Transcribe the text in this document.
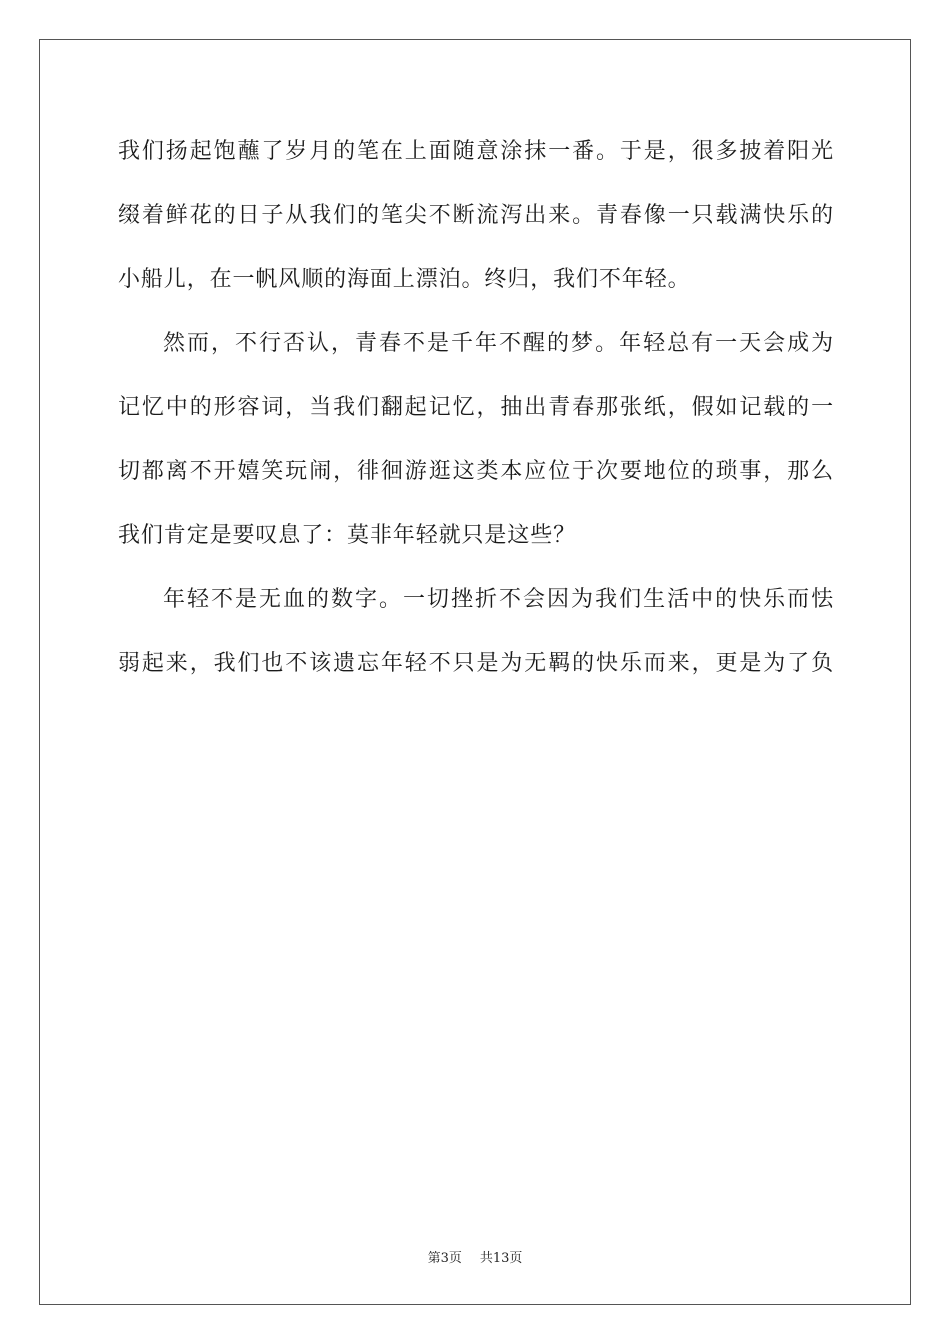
我们扬起饱蘸了岁月的笔在上面随意涂抹一番。于是，很多披着阳光

缀着鲜花的日子从我们的笔尖不断流泻出来。青春像一只载满快乐的

小船儿，在一帆风顺的海面上漂泊。终归，我们不年轻。

然而，不行否认，青春不是千年不醒的梦。年轻总有一天会成为

记忆中的形容词，当我们翻起记忆，抽出青春那张纸，假如记载的一

切都离不开嬉笑玩闹，徘徊游逛这类本应位于次要地位的琐事，那么

我们肯定是要叹息了：莫非年轻就只是这些？

年轻不是无血的数字。一切挫折不会因为我们生活中的快乐而怯

弱起来，我们也不该遗忘年轻不只是为无羁的快乐而来，更是为了负

第3页 共13页
